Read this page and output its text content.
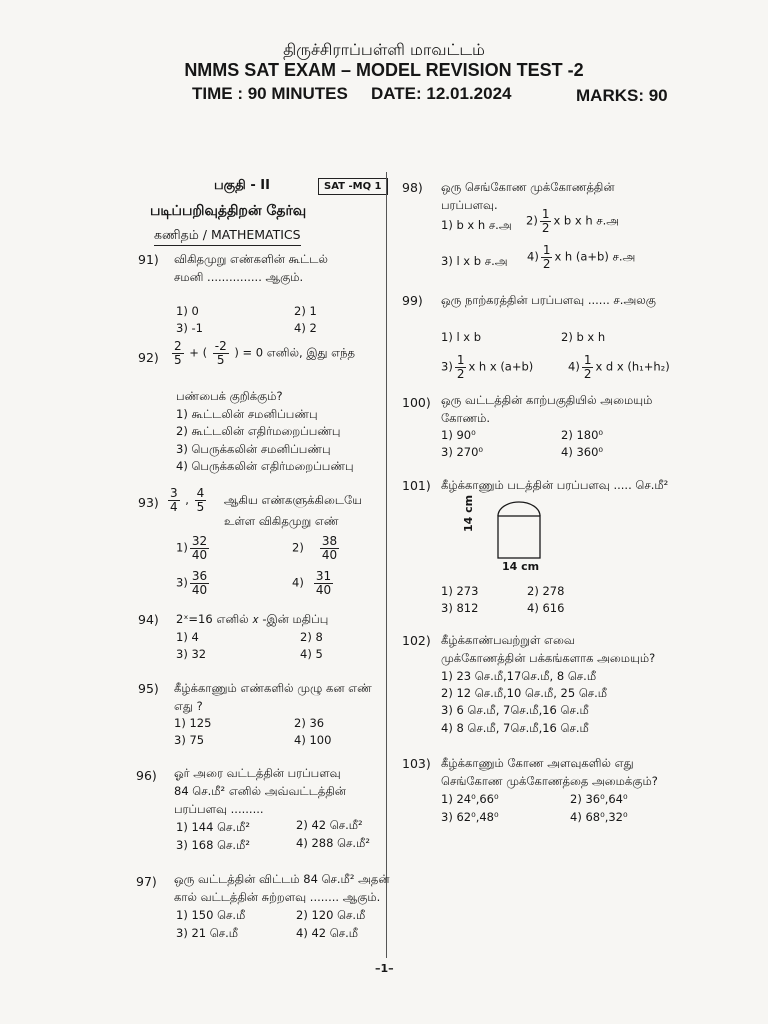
திருச்சிராப்பள்ளி மாவட்டம்
NMMS SAT EXAM – MODEL REVISION TEST -2
TIME : 90 MINUTES DATE: 12.01.2024	MARKS: 90
பகுதி - II	SAT -MQ 1
படிப்பறிவுத்திறன் தேர்வு
கணிதம் / MATHEMATICS
91) விகிதமுறு எண்களின் கூட்டல்
சமனி ............... ஆகும்.
1) 0	2) 1
3) -1	4) 2
$92) \frac{2}{5}$ + ( $\frac{-2}{5}$ ) = 0 எனில், இது எந்த
பண்பைக் குறிக்கும்?
1) கூட்டலின் சமனிப்பண்பு
2) கூட்டலின் எதிர்மறைப்பண்பு
3) பெருக்கலின் சமனிப்பண்பு
4) பெருக்கலின் எதிர்மறைப்பண்பு
$93) \frac{3}{4}$ , $\frac{4}{5}$ ஆகிய எண்களுக்கிடையே
உள்ள விகிதமுறு எண்
$1) \frac{32}{40}$	$2) \frac{38}{40}$
$3) \frac{36}{40}$	$4) \frac{31}{40}$
94) 2ˣ=16 எனில் 𝑥 -இன் மதிப்பு
1) 4	2) 8
3) 32	4) 5
95) கீழ்க்காணும் எண்களில் முழு கன எண்
எது ?
1) 125	2) 36
3) 75	4) 100
96) ஓர் அரை வட்டத்தின் பரப்பளவு
84 செ.மீ² எனில் அவ்வட்டத்தின்
பரப்பளவு .........
1) 144 செ.மீ²	2) 42 செ.மீ²
3) 168 செ.மீ²	4) 288 செ.மீ²
97) ஒரு வட்டத்தின் விட்டம் 84 செ.மீ² அதன்
கால் வட்டத்தின் சுற்றளவு ........ ஆகும்.
1) 150 செ.மீ	2) 120 செ.மீ
3) 21 செ.மீ	4) 42 செ.மீ
98) ஒரு செங்கோண முக்கோணத்தின்
பரப்பளவு.
1) b x h ச.அ $2) \frac{1}{2}$ x b x h ச.அ
3) l x b ச.அ $4) \frac{1}{2}$ x h (a+b) ச.அ
99) ஒரு நாற்கரத்தின் பரப்பளவு ...... ச.அலகு
1) l x b	2) b x h
$3) \frac{1}{2}$ x h x (a+b)	$4) \frac{1}{2}$ x d x (h₁+h₂)
100) ஒரு வட்டத்தின் காற்பகுதியில் அமையும்
கோணம்.
1) 90⁰	2) 180⁰
3) 270⁰	4) 360⁰
101) கீழ்க்காணும் படத்தின் பரப்பளவு ..... செ.மீ²
14 cm
14 cm
1) 273	2) 278
3) 812	4) 616
102) கீழ்க்காண்பவற்றுள் எவை
முக்கோணத்தின் பக்கங்களாக அமையும்?
1) 23 செ.மீ,17செ.மீ, 8 செ.மீ
2) 12 செ.மீ,10 செ.மீ, 25 செ.மீ
3) 6 செ.மீ, 7செ.மீ,16 செ.மீ
4) 8 செ.மீ, 7செ.மீ,16 செ.மீ
103) கீழ்க்காணும் கோண அளவுகளில் எது
செங்கோண முக்கோணத்தை அமைக்கும்?
1) 24⁰,66⁰	2) 36⁰,64⁰
3) 62⁰,48⁰	4) 68⁰,32⁰
–1–
